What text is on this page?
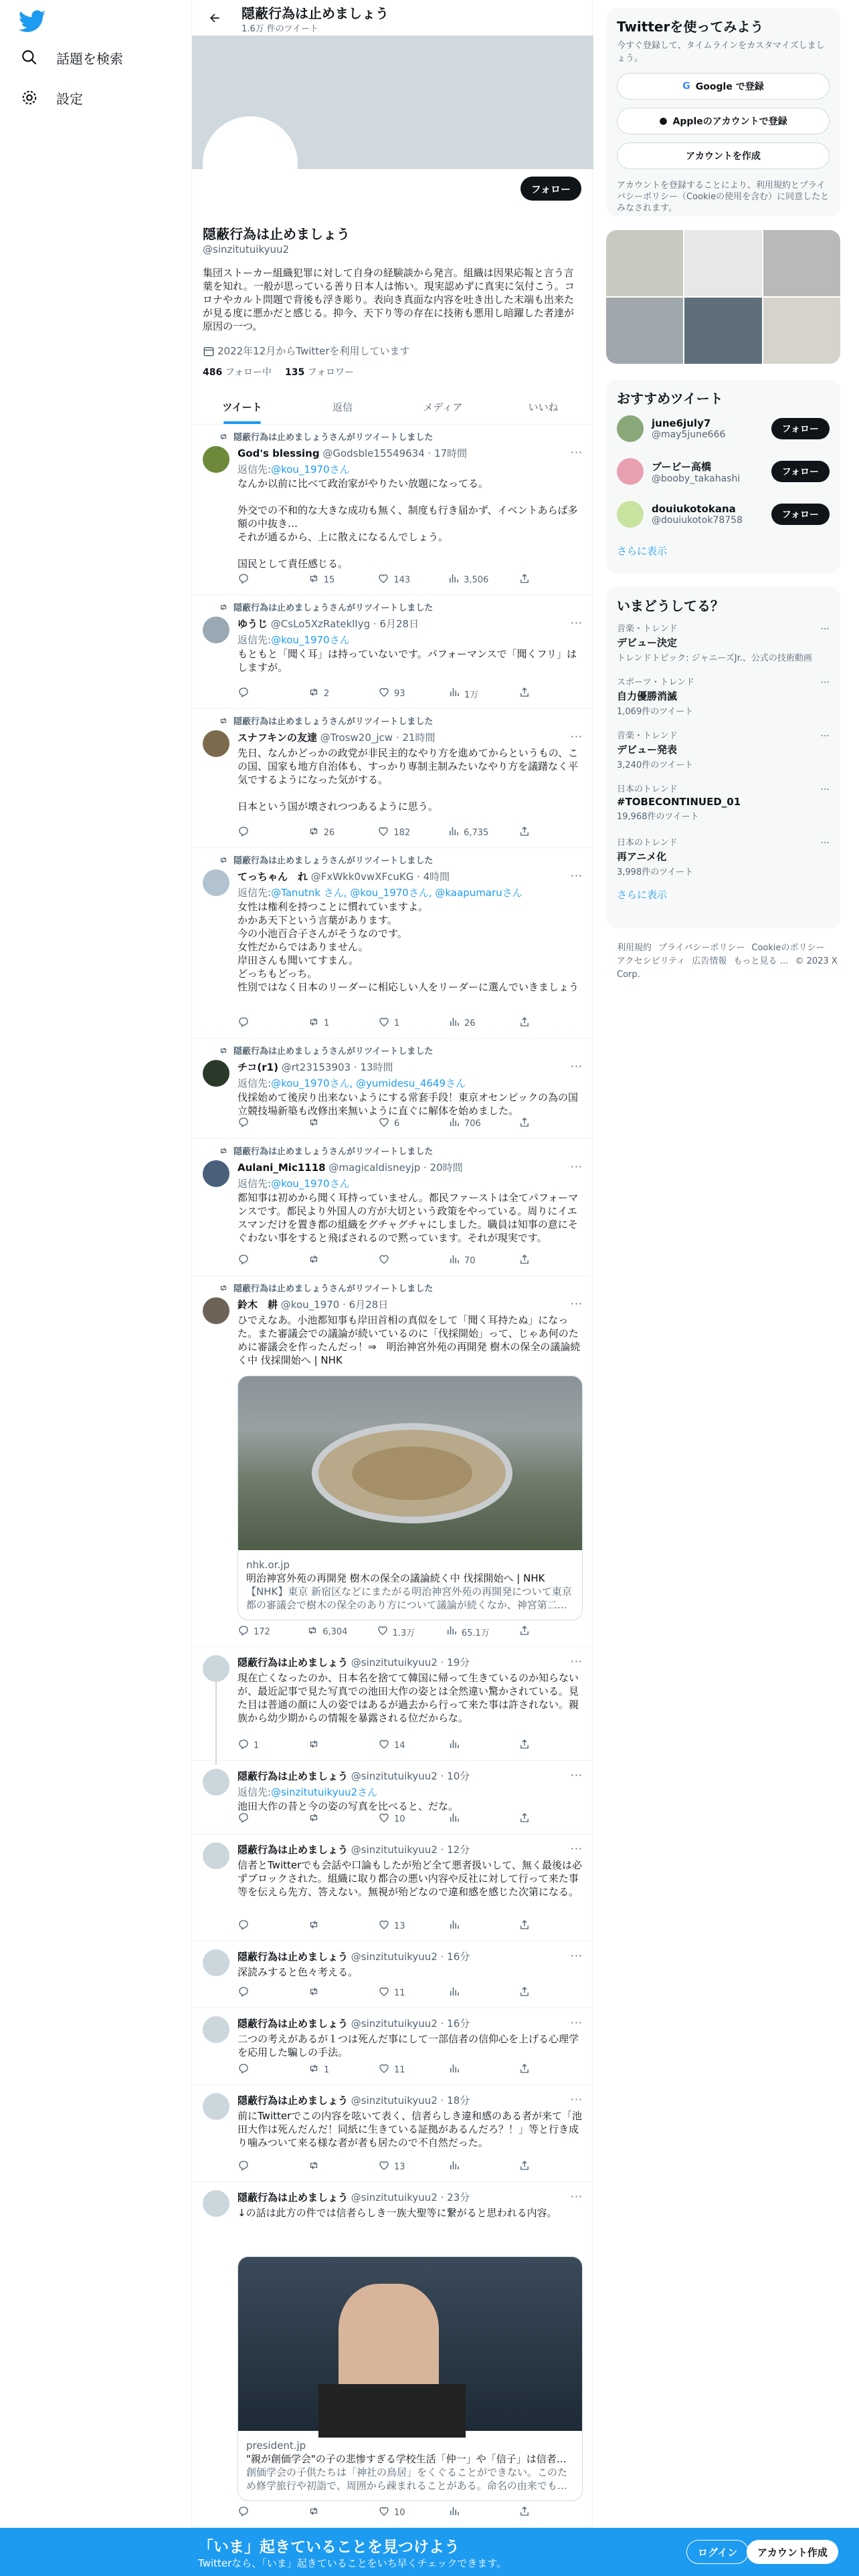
話題を検索
設定
隠蔽行為は止めましょう
1.6万 件のツイート
フォロー
隠蔽行為は止めましょう
@sinzitutuikyuu2
集団ストーカー組織犯罪に対して自身の経験談から発言。組織は因果応報と言う言葉を知れ。一般が思っている善り日本人は怖い。現実認めずに真実に気付こう。コロナやカルト問題で背後も浮き彫り。表向き真面な内容を吐き出した末端も出来たが見る度に悪かだと感じる。抑今、天下り等の存在に技術も悪用し暗躍した者達が原因の一つ。
2022年12月からTwitterを利用しています
486 フォロー中 135 フォロワー
ツイート	返信	メディア	いいね
隠蔽行為は止めましょうさんがリツイートしました
God's blessing @Godsble15549634 · 17時間	···
返信先:@kou_1970さん
なんか以前に比べて政治家がやりたい放題になってる。

外交での不和的な大きな成功も無く、制度も行き届かず、イベントあらば多額の中抜き…
それが通るから、上に散えになるんでしょう。

国民として責任感じる。
15	143	3,506
隠蔽行為は止めましょうさんがリツイートしました
ゆうじ @CsLo5XzRateklIyg · 6月28日	···
返信先:@kou_1970さん
もともと「聞く耳」は持っていないです。パフォーマンスで「聞くフリ」はしますが。
2	93	1万
隠蔽行為は止めましょうさんがリツイートしました
スナフキンの友達 @Trosw20_jcw · 21時間	···
先日、なんかどっかの政党が非民主的なやり方を進めてからというもの、この国、国家も地方自治体も、すっかり専制主制みたいなやり方を議躇なく平気でするようになった気がする。

日本という国が壊されつつあるように思う。
26	182	6,735
隠蔽行為は止めましょうさんがリツイートしました
てっちゃん　れ @FxWkk0vwXFcuKG · 4時間	···
返信先:@Tanutnk さん, @kou_1970さん, @kaapumaruさん
女性は権利を持つことに慣れていますよ。
かかあ天下という言葉があります。
今の小池百合子さんがそうなのです。
女性だからではありません。
岸田さんも聞いてすまん。
どっちもどっち。
性別ではなく日本のリーダーに相応しい人をリーダーに選んでいきましょう
1	1	26
隠蔽行為は止めましょうさんがリツイートしました
チコ(r1) @rt23153903 · 13時間	···
返信先:@kou_1970さん, @yumidesu_4649さん
伐採始めて後戻り出来ないようにする常套手段！東京オセンピックの為の国立競技場新築も改修出来無いように直ぐに解体を始めました。
6	706
隠蔽行為は止めましょうさんがリツイートしました
Aulani_Mic1118 @magicaldisneyjp · 20時間	···
返信先:@kou_1970さん
都知事は初めから聞く耳持っていません。都民ファーストは全てパフォーマンスです。都民より外国人の方が大切という政策をやっている。周りにイエスマンだけを置き都の組織をグチャグチャにしました。職員は知事の意にそぐわない事をすると飛ばされるので黙っています。それが現実です。
70
隠蔽行為は止めましょうさんがリツイートしました
鈴木　耕 @kou_1970 · 6月28日	···
ひでえなあ。小池都知事も岸田首相の真似をして「聞く耳持たぬ」になった。また審議会での議論が続いているのに「伐採開始」って、じゃあ何のために審議会を作ったんだっ！⇒　明治神宮外苑の再開発 樹木の保全の議論続く中 伐採開始へ | NHK
nhk.or.jp
明治神宮外苑の再開発 樹木の保全の議論続く中 伐採開始へ | NHK
【NHK】東京 新宿区などにまたがる明治神宮外苑の再開発について東京都の審議会で樹木の保全のあり方について議論が続くなか、神宮第二…
172	6,304	1.3万	65.1万
隠蔽行為は止めましょう @sinzitutuikyuu2 · 19分	···
現在亡くなったのか、日本名を捨てて韓国に帰って生きているのか知らないが、最近記事で見た写真での池田大作の姿とは全然違い驚かされている。見た目は普通の顔に人の姿ではあるが過去から行って来た事は許されない。親族から幼少期からの情報を暴露される位だからな。
1	14
隠蔽行為は止めましょう @sinzitutuikyuu2 · 10分	···
返信先:@sinzitutuikyuu2さん
池田大作の昔と今の姿の写真を比べると、だな。
10
隠蔽行為は止めましょう @sinzitutuikyuu2 · 12分	···
信者とTwitterでも会話や口論もしたが殆ど全て悪者扱いして、無く最後は必ずブロックされた。組織に取り都合の悪い内容や反社に対して行って来た事等を伝えら先方、答えない。無視が殆どなので違和感を感じた次第になる。
13
隠蔽行為は止めましょう @sinzitutuikyuu2 · 16分	···
深読みすると色々考える。
11
隠蔽行為は止めましょう @sinzitutuikyuu2 · 16分	···
二つの考えがあるが１つは死んだ事にして一部信者の信仰心を上げる心理学を応用した騙しの手法。
1	11
隠蔽行為は止めましょう @sinzitutuikyuu2 · 18分	···
前にTwitterでこの内容を呟いて表く、信者らしき違和感のある者が来て「池田大作は死んだんだ！同紙に生きている証拠があるんだろ？！」等と行き成り噛みついて来る様な者が者も居たので不自然だった。
13
隠蔽行為は止めましょう @sinzitutuikyuu2 · 23分	···
↓の話は此方の件では信者らしき一族大聖等に繋がると思われる内容。
president.jp
"親が創価学会"の子の悲惨すぎる学校生活「仲一」や「信子」は信者…
創価学会の子供たちは「神社の鳥居」をくぐることができない。このため修学旅行や初詣で、周囲から疎まれることがある。命名の由来でも…
10
Twitterを使ってみよう
今すぐ登録して、タイムラインをカスタマイズしましょう。
G Google で登録
● Appleのアカウントで登録
アカウントを作成
アカウントを登録することにより、利用規約とプライバシーポリシー（Cookieの使用を含む）に同意したとみなされます。
おすすめツイート
june6july7
@may5june666	フォロー
ブービー高橋
@booby_takahashi
フォロー
douiukotokana
@douiukotok78758	フォロー
さらに表示
いまどうしてる？
音楽・トレンド
デビュー決定
トレンドトピック: ジャニーズJr.、公式の技術動画
···
スポーツ・トレンド
自力優勝消滅
1,069件のツイート
···
音楽・トレンド
デビュー発表
3,240件のツイート
···
日本のトレンド
#TOBECONTINUED_01
19,968件のツイート
···
日本のトレンド
再アニメ化
3,998件のツイート
···
さらに表示
利用規約 プライバシーポリシー Cookieのポリシーアクセシビリティ 広告情報 もっと見る … © 2023 X Corp.
「いま」起きていることを見つけよう
Twitterなら、「いま」起きていることをいち早くチェックできます。
ログイン	アカウント作成
